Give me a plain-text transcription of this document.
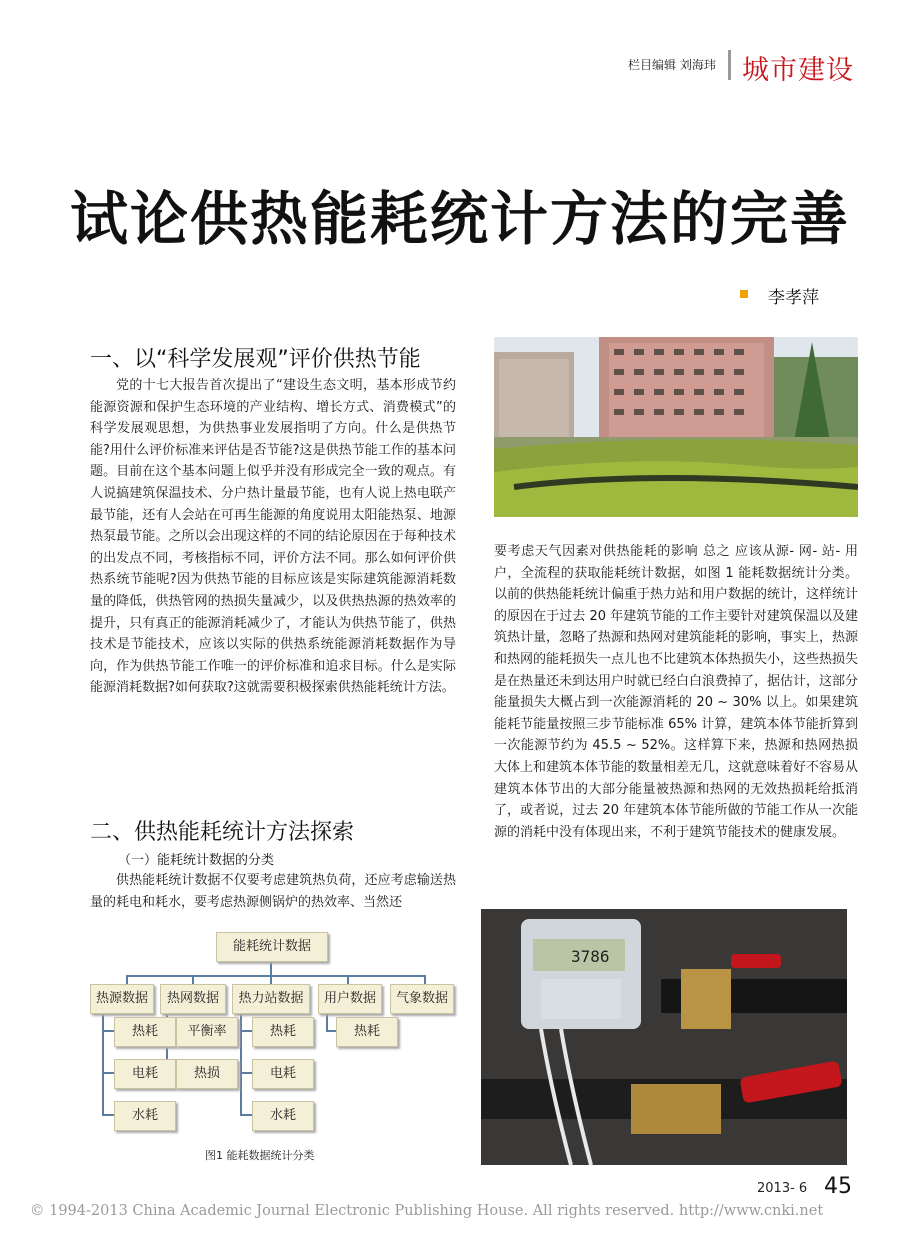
栏目编辑 刘海玮 城市建设
试论供热能耗统计方法的完善
李孝萍
一、以“科学发展观”评价供热节能

党的十七大报告首次提出了“建设生态文明，基本形成节约能源资源和保护生态环境的产业结构、增长方式、消费模式”的科学发展观思想，为供热事业发展指明了方向。什么是供热节能?用什么评价标准来评估是否节能?这是供热节能工作的基本问题。目前在这个基本问题上似乎并没有形成完全一致的观点。有人说搞建筑保温技术、分户热计量最节能，也有人说上热电联产最节能，还有人会站在可再生能源的角度说用太阳能热泵、地源热泵最节能。之所以会出现这样的不同的结论原因在于每种技术的出发点不同，考核指标不同，评价方法不同。那么如何评价供热系统节能呢?因为供热节能的目标应该是实际建筑能源消耗数量的降低，供热管网的热损失量减少，以及供热热源的热效率的提升，只有真正的能源消耗减少了，才能认为供热节能了，供热技术是节能技术，应该以实际的供热系统能源消耗数据作为导向，作为供热节能工作唯一的评价标准和追求目标。什么是实际能源消耗数据?如何获取?这就需要积极探索供热能耗统计方法。

二、供热能耗统计方法探索
（一）能耗统计数据的分类

供热能耗统计数据不仅要考虑建筑热负荷，还应考虑输送热量的耗电和耗水，要考虑热源侧锅炉的热效率、当然还

要考虑天气因素对供热能耗的影响 总之 应该从源- 网- 站- 用户，全流程的获取能耗统计数据，如图 1 能耗数据统计分类。以前的供热能耗统计偏重于热力站和用户数据的统计，这样统计的原因在于过去 20 年建筑节能的工作主要针对建筑保温以及建筑热计量，忽略了热源和热网对建筑能耗的影响，事实上，热源和热网的能耗损失一点儿也不比建筑本体热损失小，这些热损失是在热量还未到达用户时就已经白白浪费掉了，据估计，这部分能量损失大概占到一次能源消耗的 20 ~ 30% 以上。如果建筑能耗节能量按照三步节能标准 65% 计算，建筑本体节能折算到一次能源节约为 45.5 ~ 52%。这样算下来，热源和热网热损大体上和建筑本体节能的数量相差无几，这就意味着好不容易从建筑本体节出的大部分能量被热源和热网的无效热损耗给抵消了，或者说，过去 20 年建筑本体节能所做的节能工作从一次能源的消耗中没有体现出来，不利于建筑节能技术的健康发展。

能耗统计数据
热源数据	热网数据	热力站数据	用户数据	气象数据
热耗
电耗
水耗
平衡率
热损
热耗
电耗
水耗
热耗
图1 能耗数据统计分类
3786
2013- 6 45
© 1994-2013 China Academic Journal Electronic Publishing House. All rights reserved. http://www.cnki.net
